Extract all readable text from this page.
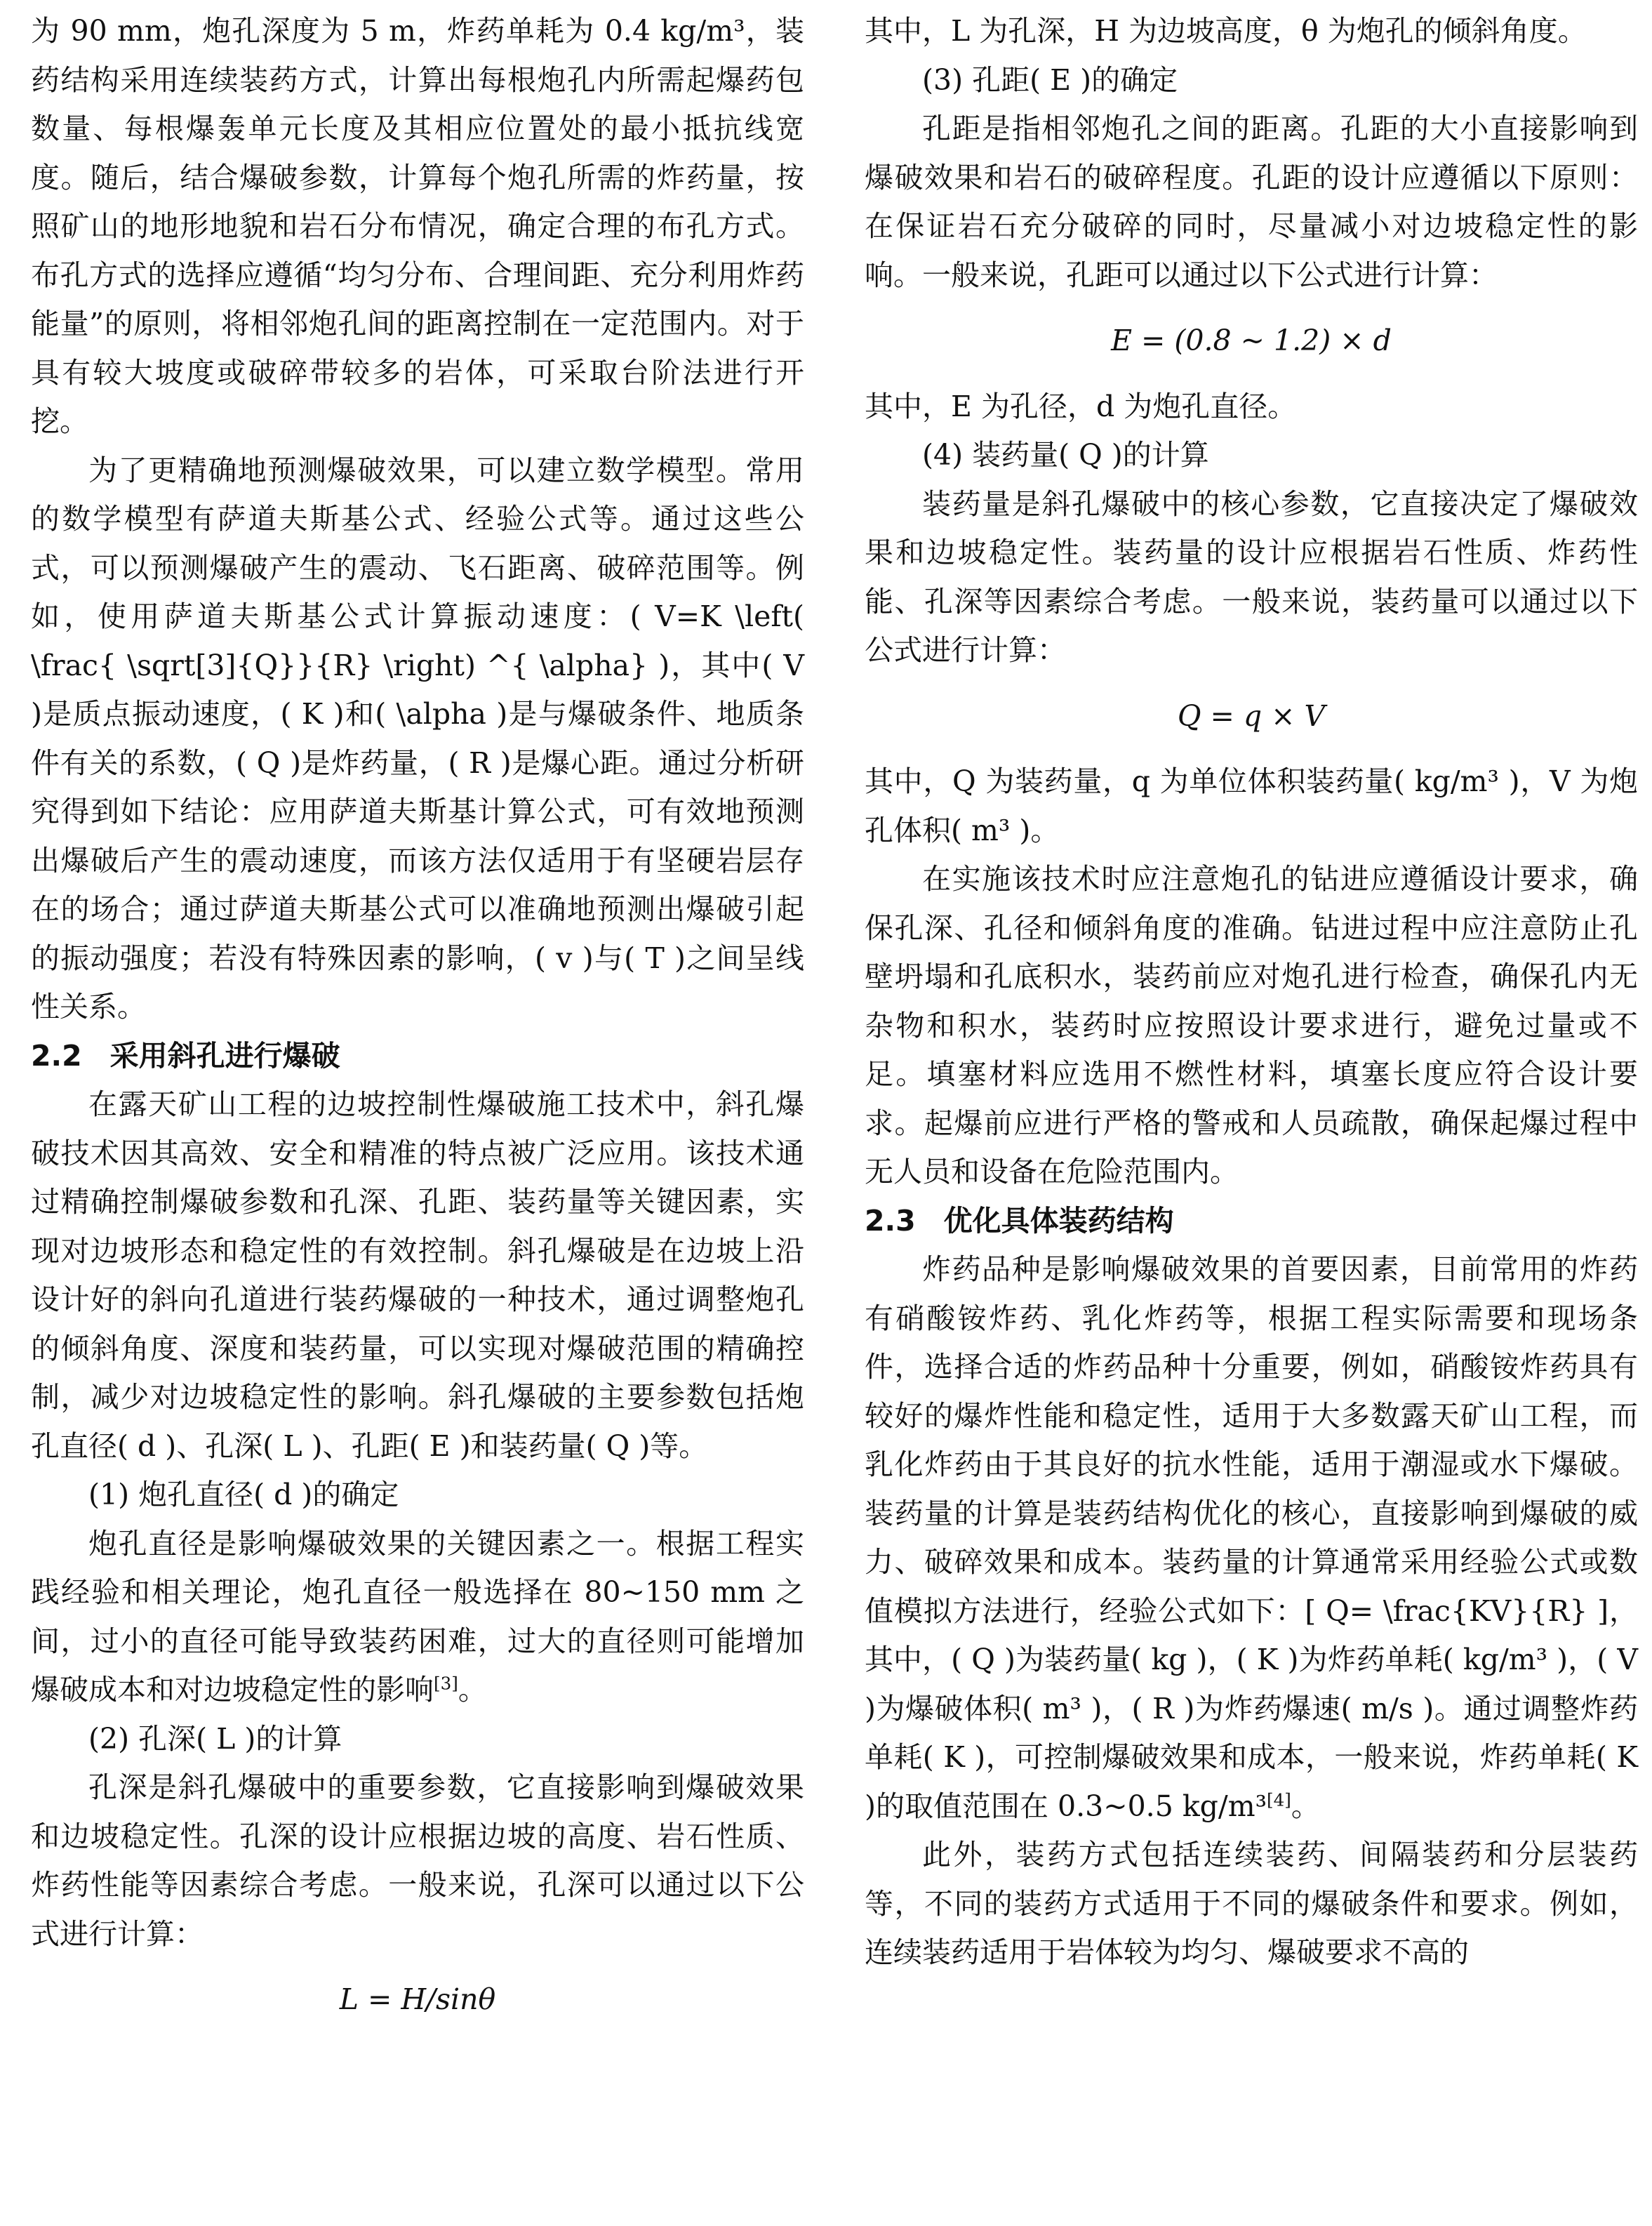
为 90 mm，炮孔深度为 5 m，炸药单耗为 0.4 kg/m³，装药结构采用连续装药方式，计算出每根炮孔内所需起爆药包数量、每根爆轰单元长度及其相应位置处的最小抵抗线宽度。随后，结合爆破参数，计算每个炮孔所需的炸药量，按照矿山的地形地貌和岩石分布情况，确定合理的布孔方式。布孔方式的选择应遵循“均匀分布、合理间距、充分利用炸药能量”的原则，将相邻炮孔间的距离控制在一定范围内。对于具有较大坡度或破碎带较多的岩体，可采取台阶法进行开挖。

为了更精确地预测爆破效果，可以建立数学模型。常用的数学模型有萨道夫斯基公式、经验公式等。通过这些公式，可以预测爆破产生的震动、飞石距离、破碎范围等。例如，使用萨道夫斯基公式计算振动速度：( V=K \left( \frac{ \sqrt[3]{Q}}{R} \right) ^{ \alpha} )，其中( V )是质点振动速度，( K )和( \alpha )是与爆破条件、地质条件有关的系数，( Q )是炸药量，( R )是爆心距。通过分析研究得到如下结论：应用萨道夫斯基计算公式，可有效地预测出爆破后产生的震动速度，而该方法仅适用于有坚硬岩层存在的场合；通过萨道夫斯基公式可以准确地预测出爆破引起的振动强度；若没有特殊因素的影响，( v )与( T )之间呈线性关系。

2.2 采用斜孔进行爆破

在露天矿山工程的边坡控制性爆破施工技术中，斜孔爆破技术因其高效、安全和精准的特点被广泛应用。该技术通过精确控制爆破参数和孔深、孔距、装药量等关键因素，实现对边坡形态和稳定性的有效控制。斜孔爆破是在边坡上沿设计好的斜向孔道进行装药爆破的一种技术，通过调整炮孔的倾斜角度、深度和装药量，可以实现对爆破范围的精确控制，减少对边坡稳定性的影响。斜孔爆破的主要参数包括炮孔直径( d )、孔深( L )、孔距( E )和装药量( Q )等。

(1) 炮孔直径( d )的确定

炮孔直径是影响爆破效果的关键因素之一。根据工程实践经验和相关理论，炮孔直径一般选择在 80~150 mm 之间，过小的直径可能导致装药困难，过大的直径则可能增加爆破成本和对边坡稳定性的影响[3]。

(2) 孔深( L )的计算

孔深是斜孔爆破中的重要参数，它直接影响到爆破效果和边坡稳定性。孔深的设计应根据边坡的高度、岩石性质、炸药性能等因素综合考虑。一般来说，孔深可以通过以下公式进行计算：

L = H/sinθ

其中，L 为孔深，H 为边坡高度，θ 为炮孔的倾斜角度。

(3) 孔距( E )的确定

孔距是指相邻炮孔之间的距离。孔距的大小直接影响到爆破效果和岩石的破碎程度。孔距的设计应遵循以下原则：在保证岩石充分破碎的同时，尽量减小对边坡稳定性的影响。一般来说，孔距可以通过以下公式进行计算：

E = (0.8 ~ 1.2) × d

其中，E 为孔径，d 为炮孔直径。

(4) 装药量( Q )的计算

装药量是斜孔爆破中的核心参数，它直接决定了爆破效果和边坡稳定性。装药量的设计应根据岩石性质、炸药性能、孔深等因素综合考虑。一般来说，装药量可以通过以下公式进行计算：

Q = q × V

其中，Q 为装药量，q 为单位体积装药量( kg/m³ )，V 为炮孔体积( m³ )。

在实施该技术时应注意炮孔的钻进应遵循设计要求，确保孔深、孔径和倾斜角度的准确。钻进过程中应注意防止孔壁坍塌和孔底积水，装药前应对炮孔进行检查，确保孔内无杂物和积水，装药时应按照设计要求进行，避免过量或不足。填塞材料应选用不燃性材料，填塞长度应符合设计要求。起爆前应进行严格的警戒和人员疏散，确保起爆过程中无人员和设备在危险范围内。

2.3 优化具体装药结构

炸药品种是影响爆破效果的首要因素，目前常用的炸药有硝酸铵炸药、乳化炸药等，根据工程实际需要和现场条件，选择合适的炸药品种十分重要，例如，硝酸铵炸药具有较好的爆炸性能和稳定性，适用于大多数露天矿山工程，而乳化炸药由于其良好的抗水性能，适用于潮湿或水下爆破。装药量的计算是装药结构优化的核心，直接影响到爆破的威力、破碎效果和成本。装药量的计算通常采用经验公式或数值模拟方法进行，经验公式如下：[ Q= \frac{KV}{R} ]，其中，( Q )为装药量( kg )，( K )为炸药单耗( kg/m³ )，( V )为爆破体积( m³ )，( R )为炸药爆速( m/s )。通过调整炸药单耗( K )，可控制爆破效果和成本，一般来说，炸药单耗( K )的取值范围在 0.3~0.5 kg/m³[4]。

此外，装药方式包括连续装药、间隔装药和分层装药等，不同的装药方式适用于不同的爆破条件和要求。例如，连续装药适用于岩体较为均匀、爆破要求不高的
